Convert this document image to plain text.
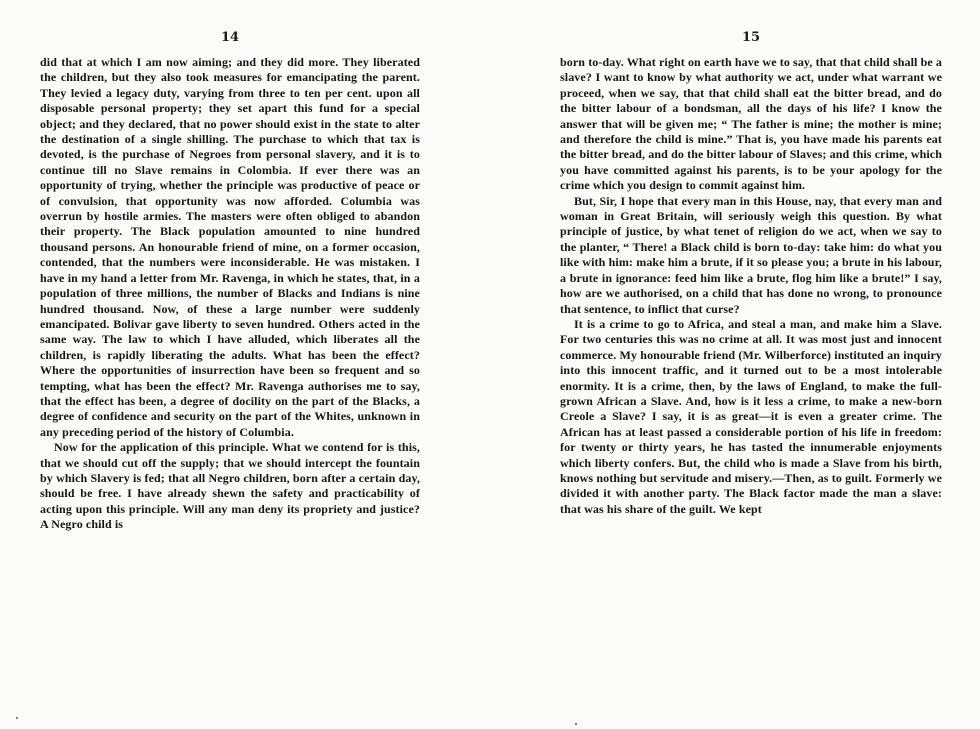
14

did that at which I am now aiming; and they did more. They liberated the children, but they also took measures for emancipating the parent. They levied a legacy duty, varying from three to ten per cent. upon all disposable personal property; they set apart this fund for a special object; and they declared, that no power should exist in the state to alter the destination of a single shilling. The purchase to which that tax is devoted, is the purchase of Negroes from personal slavery, and it is to continue till no Slave remains in Colombia. If ever there was an opportunity of trying, whether the principle was productive of peace or of convulsion, that opportunity was now afforded. Columbia was overrun by hostile armies. The masters were often obliged to abandon their property. The Black population amounted to nine hundred thousand persons. An honourable friend of mine, on a former occasion, contended, that the numbers were inconsiderable. He was mistaken. I have in my hand a letter from Mr. Ravenga, in which he states, that, in a population of three millions, the number of Blacks and Indians is nine hundred thousand. Now, of these a large number were suddenly emancipated. Bolivar gave liberty to seven hundred. Others acted in the same way. The law to which I have alluded, which liberates all the children, is rapidly liberating the adults. What has been the effect? Where the opportunities of insurrection have been so frequent and so tempting, what has been the effect? Mr. Ravenga authorises me to say, that the effect has been, a degree of docility on the part of the Blacks, a degree of confidence and security on the part of the Whites, unknown in any preceding period of the history of Columbia.

Now for the application of this principle. What we contend for is this, that we should cut off the supply; that we should intercept the fountain by which Slavery is fed; that all Negro children, born after a certain day, should be free. I have already shewn the safety and practicability of acting upon this principle. Will any man deny its propriety and justice? A Negro child is

15

born to-day. What right on earth have we to say, that that child shall be a slave? I want to know by what authority we act, under what warrant we proceed, when we say, that that child shall eat the bitter bread, and do the bitter labour of a bondsman, all the days of his life? I know the answer that will be given me; “ The father is mine; the mother is mine; and therefore the child is mine.” That is, you have made his parents eat the bitter bread, and do the bitter labour of Slaves; and this crime, which you have committed against his parents, is to be your apology for the crime which you design to commit against him.

But, Sir, I hope that every man in this House, nay, that every man and woman in Great Britain, will seriously weigh this question. By what principle of justice, by what tenet of religion do we act, when we say to the planter, “ There! a Black child is born to-day: take him: do what you like with him: make him a brute, if it so please you; a brute in his labour, a brute in ignorance: feed him like a brute, flog him like a brute!” I say, how are we authorised, on a child that has done no wrong, to pronounce that sentence, to inflict that curse?

It is a crime to go to Africa, and steal a man, and make him a Slave. For two centuries this was no crime at all. It was most just and innocent commerce. My honourable friend (Mr. Wilberforce) instituted an inquiry into this innocent traffic, and it turned out to be a most intolerable enormity. It is a crime, then, by the laws of England, to make the full-grown African a Slave. And, how is it less a crime, to make a new-born Creole a Slave? I say, it is as great—it is even a greater crime. The African has at least passed a considerable portion of his life in freedom: for twenty or thirty years, he has tasted the innumerable enjoyments which liberty confers. But, the child who is made a Slave from his birth, knows nothing but servitude and misery.—Then, as to guilt. Formerly we divided it with another party. The Black factor made the man a slave: that was his share of the guilt. We kept
